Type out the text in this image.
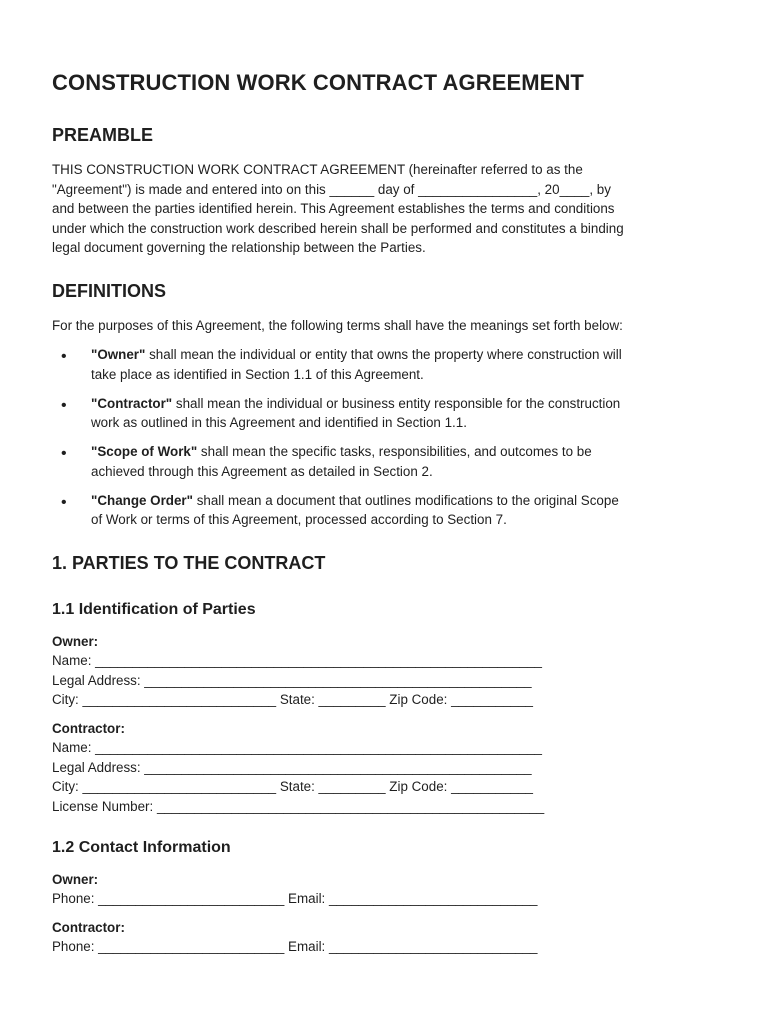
CONSTRUCTION WORK CONTRACT AGREEMENT
PREAMBLE

THIS CONSTRUCTION WORK CONTRACT AGREEMENT (hereinafter referred to as the

"Agreement") is made and entered into on this ______ day of ________________, 20____, by

and between the parties identified herein. This Agreement establishes the terms and conditions

under which the construction work described herein shall be performed and constitutes a binding

legal document governing the relationship between the Parties.

DEFINITIONS

For the purposes of this Agreement, the following terms shall have the meanings set forth below:

• "Owner" shall mean the individual or entity that owns the property where construction will

take place as identified in Section 1.1 of this Agreement.

• "Contractor" shall mean the individual or business entity responsible for the construction

work as outlined in this Agreement and identified in Section 1.1.

• "Scope of Work" shall mean the specific tasks, responsibilities, and outcomes to be

achieved through this Agreement as detailed in Section 2.

• "Change Order" shall mean a document that outlines modifications to the original Scope

of Work or terms of this Agreement, processed according to Section 7.

1. PARTIES TO THE CONTRACT
1.1 Identification of Parties

Owner:

Name: ____________________________________________________________

Legal Address: ____________________________________________________

City: __________________________ State: _________ Zip Code: ___________

Contractor:

Name: ____________________________________________________________

Legal Address: ____________________________________________________

City: __________________________ State: _________ Zip Code: ___________

License Number: ____________________________________________________

1.2 Contact Information

Owner:

Phone: _________________________ Email: ____________________________

Contractor:

Phone: _________________________ Email: ____________________________
